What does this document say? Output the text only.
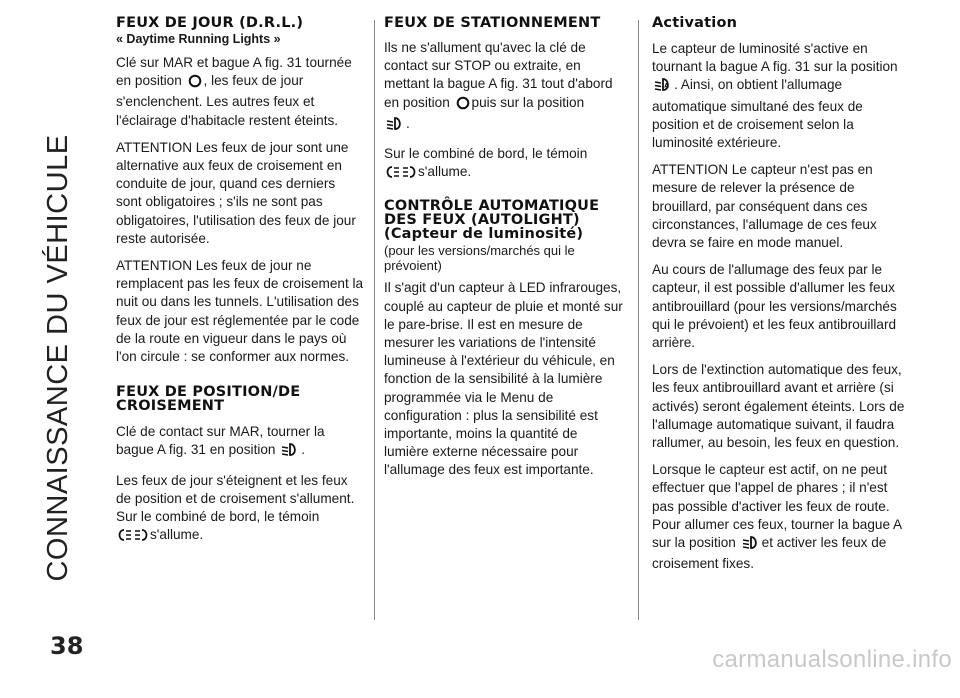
CONNAISSANCE DU VÉHICULE
38
FEUX DE JOUR (D.R.L.)
« Daytime Running Lights »

Clé sur MAR et bague A fig. 31 tournée en position , les feux de jour s'enclenchent. Les autres feux et l'éclairage d'habitacle restent éteints.

ATTENTION Les feux de jour sont une alternative aux feux de croisement en conduite de jour, quand ces derniers sont obligatoires ; s'ils ne sont pas obligatoires, l'utilisation des feux de jour reste autorisée.

ATTENTION Les feux de jour ne remplacent pas les feux de croisement la nuit ou dans les tunnels. L'utilisation des feux de jour est réglementée par le code de la route en vigueur dans le pays où l'on circule : se conformer aux normes.

FEUX DE POSITION/DE CROISEMENT

Clé de contact sur MAR, tourner la bague A fig. 31 en position .

Les feux de jour s'éteignent et les feux de position et de croisement s'allument. Sur le combiné de bord, le témoin
s'allume.

FEUX DE STATIONNEMENT

Ils ne s'allument qu'avec la clé de contact sur STOP ou extraite, en mettant la bague A fig. 31 tout d'abord en position puis sur la position
.

Sur le combiné de bord, le témoin
s'allume.

CONTRÔLE AUTOMATIQUE DES FEUX (AUTOLIGHT) (Capteur de luminosité)
(pour les versions/marchés qui le prévoient)

Il s'agit d'un capteur à LED infrarouges, couplé au capteur de pluie et monté sur le pare-brise. Il est en mesure de mesurer les variations de l'intensité lumineuse à l'extérieur du véhicule, en fonction de la sensibilité à la lumière programmée via le Menu de configuration : plus la sensibilité est importante, moins la quantité de lumière externe nécessaire pour l'allumage des feux est importante.

Activation

Le capteur de luminosité s'active en tournant la bague A fig. 31 sur la position
A . Ainsi, on obtient l'allumage automatique simultané des feux de position et de croisement selon la luminosité extérieure.

ATTENTION Le capteur n'est pas en mesure de relever la présence de brouillard, par conséquent dans ces circonstances, l'allumage de ces feux devra se faire en mode manuel.

Au cours de l'allumage des feux par le capteur, il est possible d'allumer les feux antibrouillard (pour les versions/marchés qui le prévoient) et les feux antibrouillard arrière.

Lors de l'extinction automatique des feux, les feux antibrouillard avant et arrière (si activés) seront également éteints. Lors de l'allumage automatique suivant, il faudra rallumer, au besoin, les feux en question.

Lorsque le capteur est actif, on ne peut effectuer que l'appel de phares ; il n'est pas possible d'activer les feux de route. Pour allumer ces feux, tourner la bague A sur la position et activer les feux de croisement fixes.

carmanualsonline.info
